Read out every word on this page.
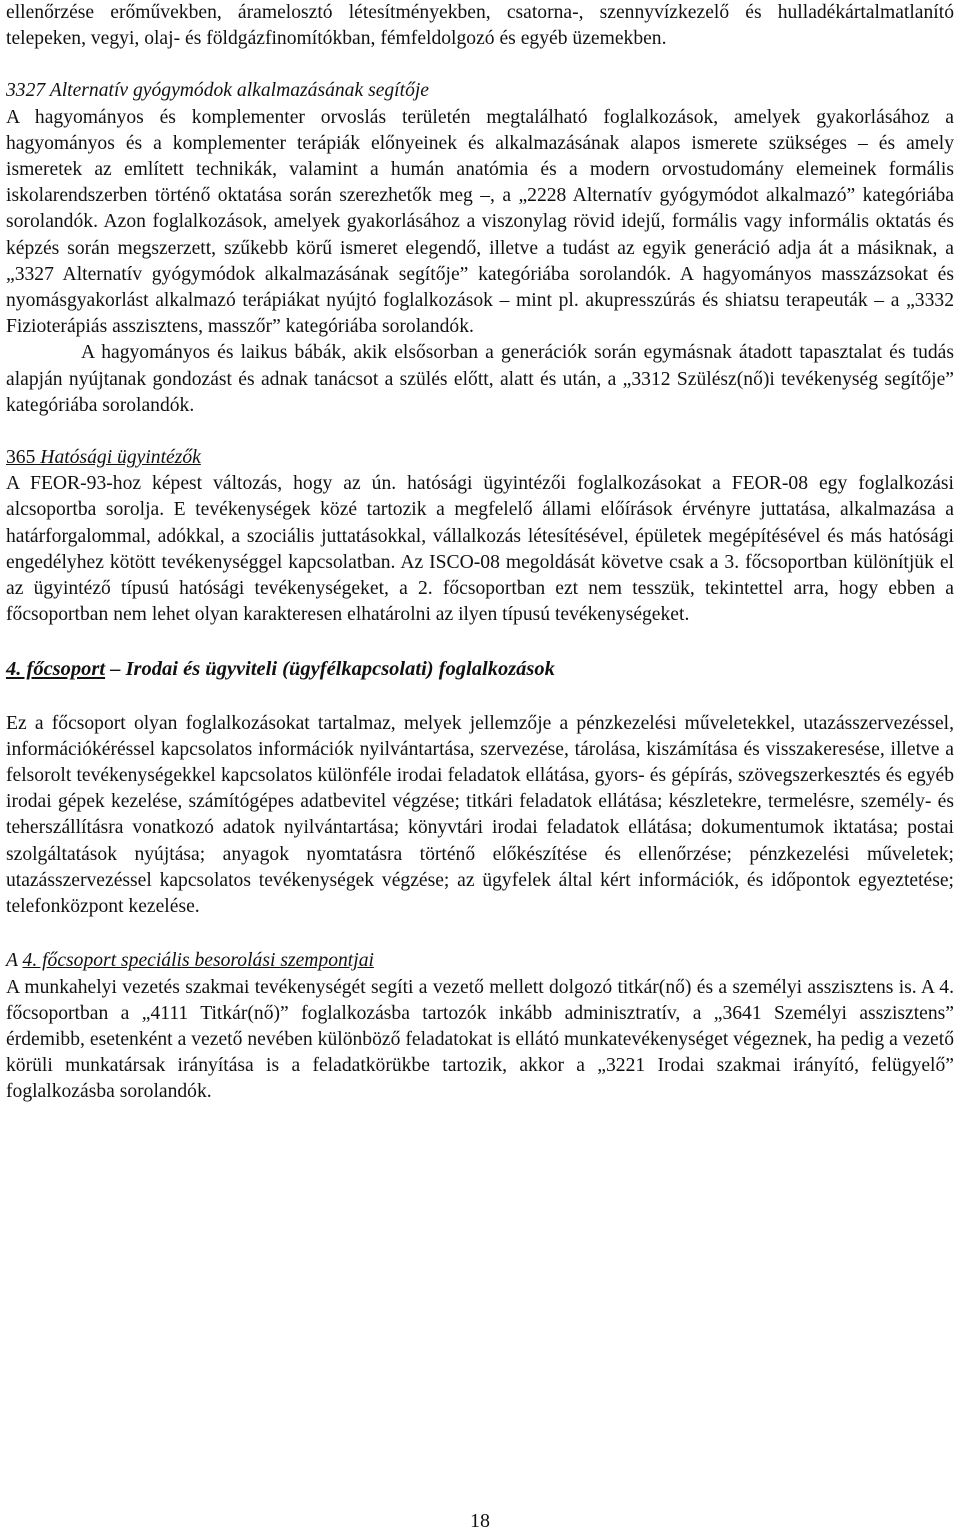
ellenőrzése erőművekben, áramelosztó létesítményekben, csatorna-, szennyvízkezelő és hulladékártalmatlanító telepeken, vegyi, olaj- és földgázfinomítókban, fémfeldolgozó és egyéb üzemekben.

3327 Alternatív gyógymódok alkalmazásának segítője

A hagyományos és komplementer orvoslás területén megtalálható foglalkozások, amelyek gyakorlásához a hagyományos és a komplementer terápiák előnyeinek és alkalmazásának alapos ismerete szükséges – és amely ismeretek az említett technikák, valamint a humán anatómia és a modern orvostudomány elemeinek formális iskolarendszerben történő oktatása során szerezhetők meg –, a „2228 Alternatív gyógymódot alkalmazó” kategóriába sorolandók. Azon foglalkozások, amelyek gyakorlásához a viszonylag rövid idejű, formális vagy informális oktatás és képzés során megszerzett, szűkebb körű ismeret elegendő, illetve a tudást az egyik generáció adja át a másiknak, a „3327 Alternatív gyógymódok alkalmazásának segítője” kategóriába sorolandók. A hagyományos masszázsokat és nyomásgyakorlást alkalmazó terápiákat nyújtó foglalkozások – mint pl. akupresszúrás és shiatsu terapeuták – a „3332 Fizioterápiás asszisztens, masszőr” kategóriába sorolandók.

A hagyományos és laikus bábák, akik elsősorban a generációk során egymásnak átadott tapasztalat és tudás alapján nyújtanak gondozást és adnak tanácsot a szülés előtt, alatt és után, a „3312 Szülész(nő)i tevékenység segítője” kategóriába sorolandók.

365 Hatósági ügyintézők

A FEOR-93-hoz képest változás, hogy az ún. hatósági ügyintézői foglalkozásokat a FEOR-08 egy foglalkozási alcsoportba sorolja. E tevékenységek közé tartozik a megfelelő állami előírások érvényre juttatása, alkalmazása a határforgalommal, adókkal, a szociális juttatásokkal, vállalkozás létesítésével, épületek megépítésével és más hatósági engedélyhez kötött tevékenységgel kapcsolatban. Az ISCO-08 megoldását követve csak a 3. főcsoportban különítjük el az ügyintéző típusú hatósági tevékenységeket, a 2. főcsoportban ezt nem tesszük, tekintettel arra, hogy ebben a főcsoportban nem lehet olyan karakteresen elhatárolni az ilyen típusú tevékenységeket.

4. főcsoport – Irodai és ügyviteli (ügyfélkapcsolati) foglalkozások

Ez a főcsoport olyan foglalkozásokat tartalmaz, melyek jellemzője a pénzkezelési műveletekkel, utazásszervezéssel, információkéréssel kapcsolatos információk nyilvántartása, szervezése, tárolása, kiszámítása és visszakeresése, illetve a felsorolt tevékenységekkel kapcsolatos különféle irodai feladatok ellátása, gyors- és gépírás, szövegszerkesztés és egyéb irodai gépek kezelése, számítógépes adatbevitel végzése; titkári feladatok ellátása; készletekre, termelésre, személy- és teherszállításra vonatkozó adatok nyilvántartása; könyvtári irodai feladatok ellátása; dokumentumok iktatása; postai szolgáltatások nyújtása; anyagok nyomtatásra történő előkészítése és ellenőrzése; pénzkezelési műveletek; utazásszervezéssel kapcsolatos tevékenységek végzése; az ügyfelek által kért információk, és időpontok egyeztetése; telefonközpont kezelése.

A 4. főcsoport speciális besorolási szempontjai

A munkahelyi vezetés szakmai tevékenységét segíti a vezető mellett dolgozó titkár(nő) és a személyi asszisztens is. A 4. főcsoportban a „4111 Titkár(nő)” foglalkozásba tartozók inkább adminisztratív, a „3641 Személyi asszisztens” érdemibb, esetenként a vezető nevében különböző feladatokat is ellátó munkatevékenységet végeznek, ha pedig a vezető körüli munkatársak irányítása is a feladatkörükbe tartozik, akkor a „3221 Irodai szakmai irányító, felügyelő” foglalkozásba sorolandók.

18
